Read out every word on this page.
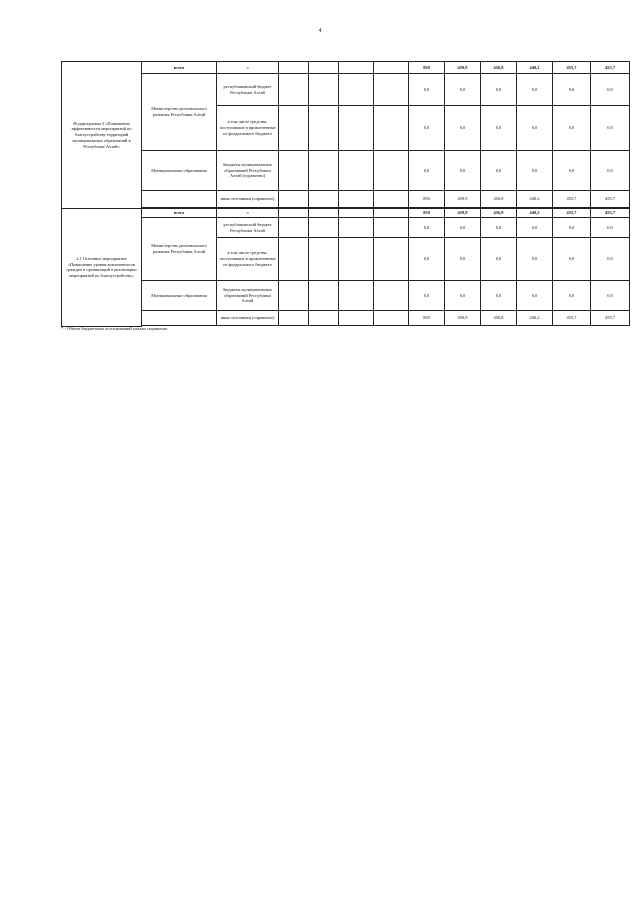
4
Подпрограмма 2 «Повышение эффективности мероприятий по благоустройству территорий муниципальных образований в Республике Алтай»	всего	л					850	459,9	456,8	440,2	455,7	455,7
	Министерство регионального развития Республики Алтай	республиканский бюджет Республики Алтай					0,0	0,0	0,0	0,0	0,0	0,0
		в том числе средства, поступившие в привлеченные из федерального бюджета					0,0	0,0	0,0	0,0	0,0	0,0
	Муниципальные образования	бюджеты муниципальных образований Республики Алтай (справочно)					0,0	0,0	0,0	0,0	0,0	0,0
		иные источники (справочно)					850	459,9	456,8	440,2	455,7	455,7

2.1 Основное мероприятие «Повышение уровня вовлеченности граждан и организаций в реализацию мероприятий по благоустройству»	всего	л					850	459,9	456,8	440,2	455,7	455,7
	Министерство регионального развития Республики Алтай	республиканский бюджет Республики Алтай					0,0	0,0	0,0	0,0	0,0	0,0
		в том числе средства, поступившие в привлеченные из федерального бюджета					0,0	0,0	0,0	0,0	0,0	0,0
	Муниципальные образования	бюджеты муниципальных образований Республики Алтай					0,0	0,0	0,0	0,0	0,0	0,0
		иные источники (справочно)					850	459,9	456,8	440,2	455,7	455,7

* - Объем бюджетных ассигнований указан справочно.
